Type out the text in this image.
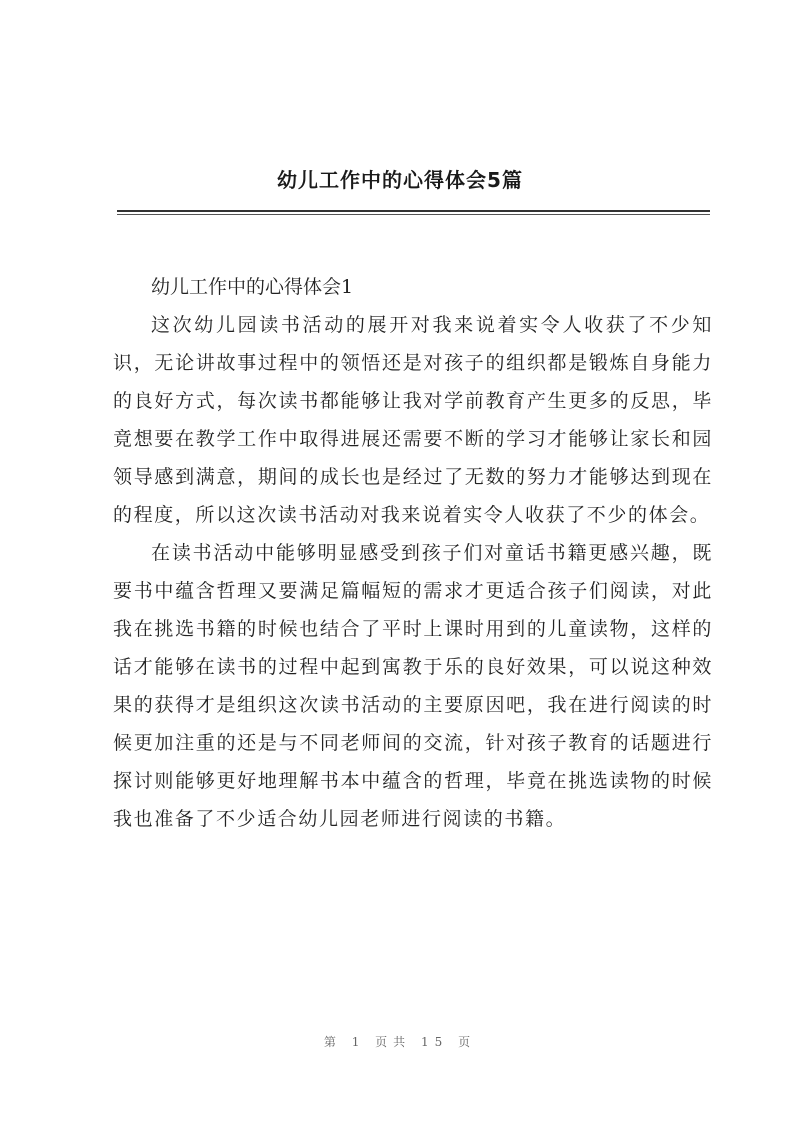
幼儿工作中的心得体会5篇

幼儿工作中的心得体会1

这次幼儿园读书活动的展开对我来说着实令人收获了不少知识，无论讲故事过程中的领悟还是对孩子的组织都是锻炼自身能力的良好方式，每次读书都能够让我对学前教育产生更多的反思，毕竟想要在教学工作中取得进展还需要不断的学习才能够让家长和园领导感到满意，期间的成长也是经过了无数的努力才能够达到现在的程度，所以这次读书活动对我来说着实令人收获了不少的体会。

在读书活动中能够明显感受到孩子们对童话书籍更感兴趣，既要书中蕴含哲理又要满足篇幅短的需求才更适合孩子们阅读，对此我在挑选书籍的时候也结合了平时上课时用到的儿童读物，这样的话才能够在读书的过程中起到寓教于乐的良好效果，可以说这种效果的获得才是组织这次读书活动的主要原因吧，我在进行阅读的时候更加注重的还是与不同老师间的交流，针对孩子教育的话题进行探讨则能够更好地理解书本中蕴含的哲理，毕竟在挑选读物的时候我也准备了不少适合幼儿园老师进行阅读的书籍。

第 1 页共 15 页
